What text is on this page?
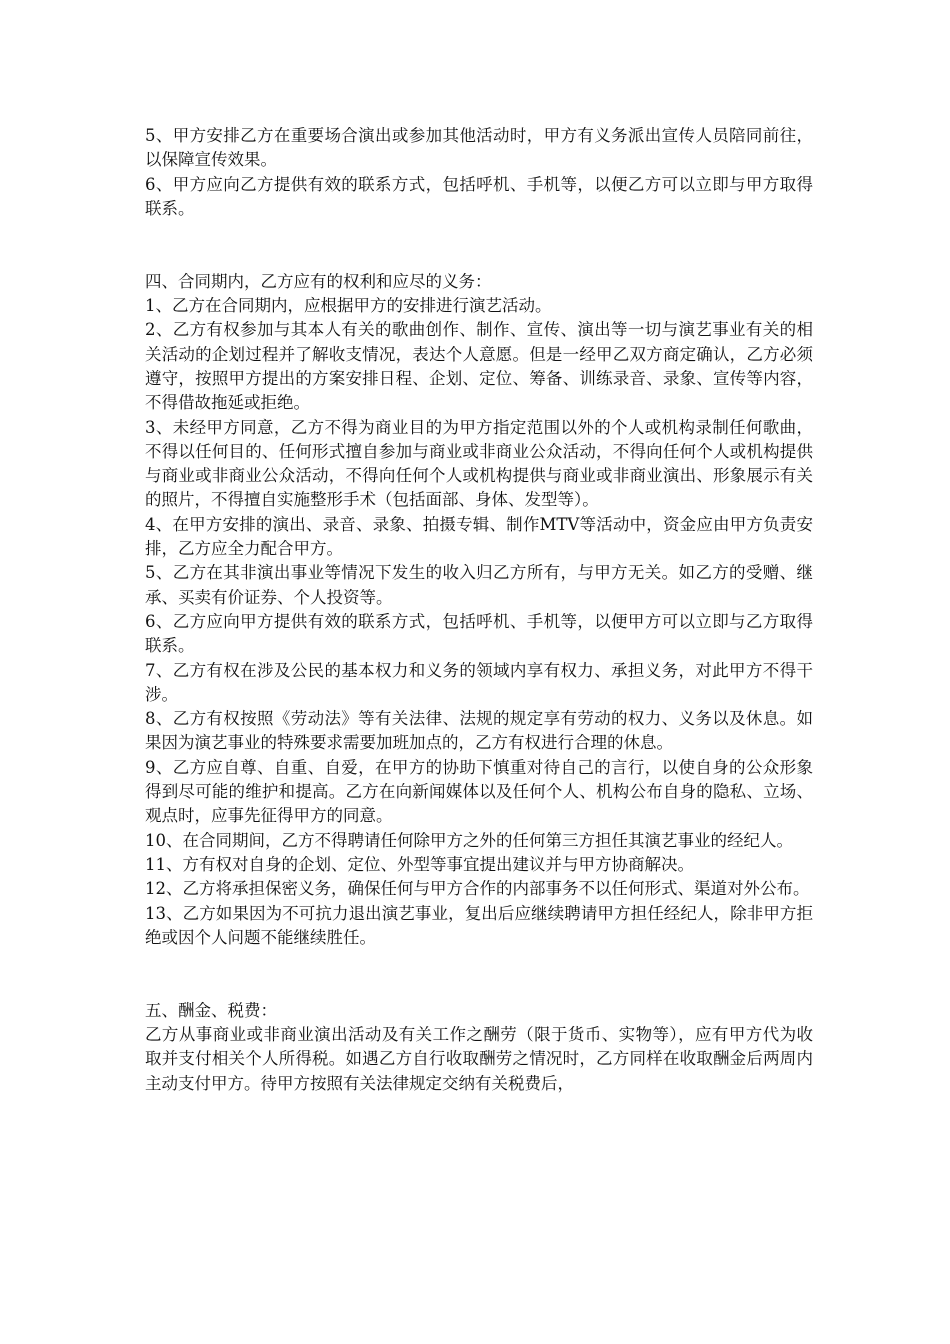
5、甲方安排乙方在重要场合演出或参加其他活动时，甲方有义务派出宣传人员陪同前往，以保障宣传效果。

6、甲方应向乙方提供有效的联系方式，包括呼机、手机等，以便乙方可以立即与甲方取得联系。

四、合同期内，乙方应有的权利和应尽的义务：

1、乙方在合同期内，应根据甲方的安排进行演艺活动。

2、乙方有权参加与其本人有关的歌曲创作、制作、宣传、演出等一切与演艺事业有关的相关活动的企划过程并了解收支情况，表达个人意愿。但是一经甲乙双方商定确认，乙方必须遵守，按照甲方提出的方案安排日程、企划、定位、筹备、训练录音、录象、宣传等内容，不得借故拖延或拒绝。

3、未经甲方同意，乙方不得为商业目的为甲方指定范围以外的个人或机构录制任何歌曲，不得以任何目的、任何形式擅自参加与商业或非商业公众活动，不得向任何个人或机构提供与商业或非商业公众活动，不得向任何个人或机构提供与商业或非商业演出、形象展示有关的照片，不得擅自实施整形手术（包括面部、身体、发型等）。

4、在甲方安排的演出、录音、录象、拍摄专辑、制作MTV等活动中，资金应由甲方负责安排，乙方应全力配合甲方。

5、乙方在其非演出事业等情况下发生的收入归乙方所有，与甲方无关。如乙方的受赠、继承、买卖有价证券、个人投资等。

6、乙方应向甲方提供有效的联系方式，包括呼机、手机等，以便甲方可以立即与乙方取得联系。

7、乙方有权在涉及公民的基本权力和义务的领域内享有权力、承担义务，对此甲方不得干涉。

8、乙方有权按照《劳动法》等有关法律、法规的规定享有劳动的权力、义务以及休息。如果因为演艺事业的特殊要求需要加班加点的，乙方有权进行合理的休息。

9、乙方应自尊、自重、自爱，在甲方的协助下慎重对待自己的言行，以使自身的公众形象得到尽可能的维护和提高。乙方在向新闻媒体以及任何个人、机构公布自身的隐私、立场、观点时，应事先征得甲方的同意。

10、在合同期间，乙方不得聘请任何除甲方之外的任何第三方担任其演艺事业的经纪人。

11、方有权对自身的企划、定位、外型等事宜提出建议并与甲方协商解决。

12、乙方将承担保密义务，确保任何与甲方合作的内部事务不以任何形式、渠道对外公布。

13、乙方如果因为不可抗力退出演艺事业，复出后应继续聘请甲方担任经纪人，除非甲方拒绝或因个人问题不能继续胜任。

五、酬金、税费：

乙方从事商业或非商业演出活动及有关工作之酬劳（限于货币、实物等），应有甲方代为收取并支付相关个人所得税。如遇乙方自行收取酬劳之情况时，乙方同样在收取酬金后两周内主动支付甲方。待甲方按照有关法律规定交纳有关税费后，
